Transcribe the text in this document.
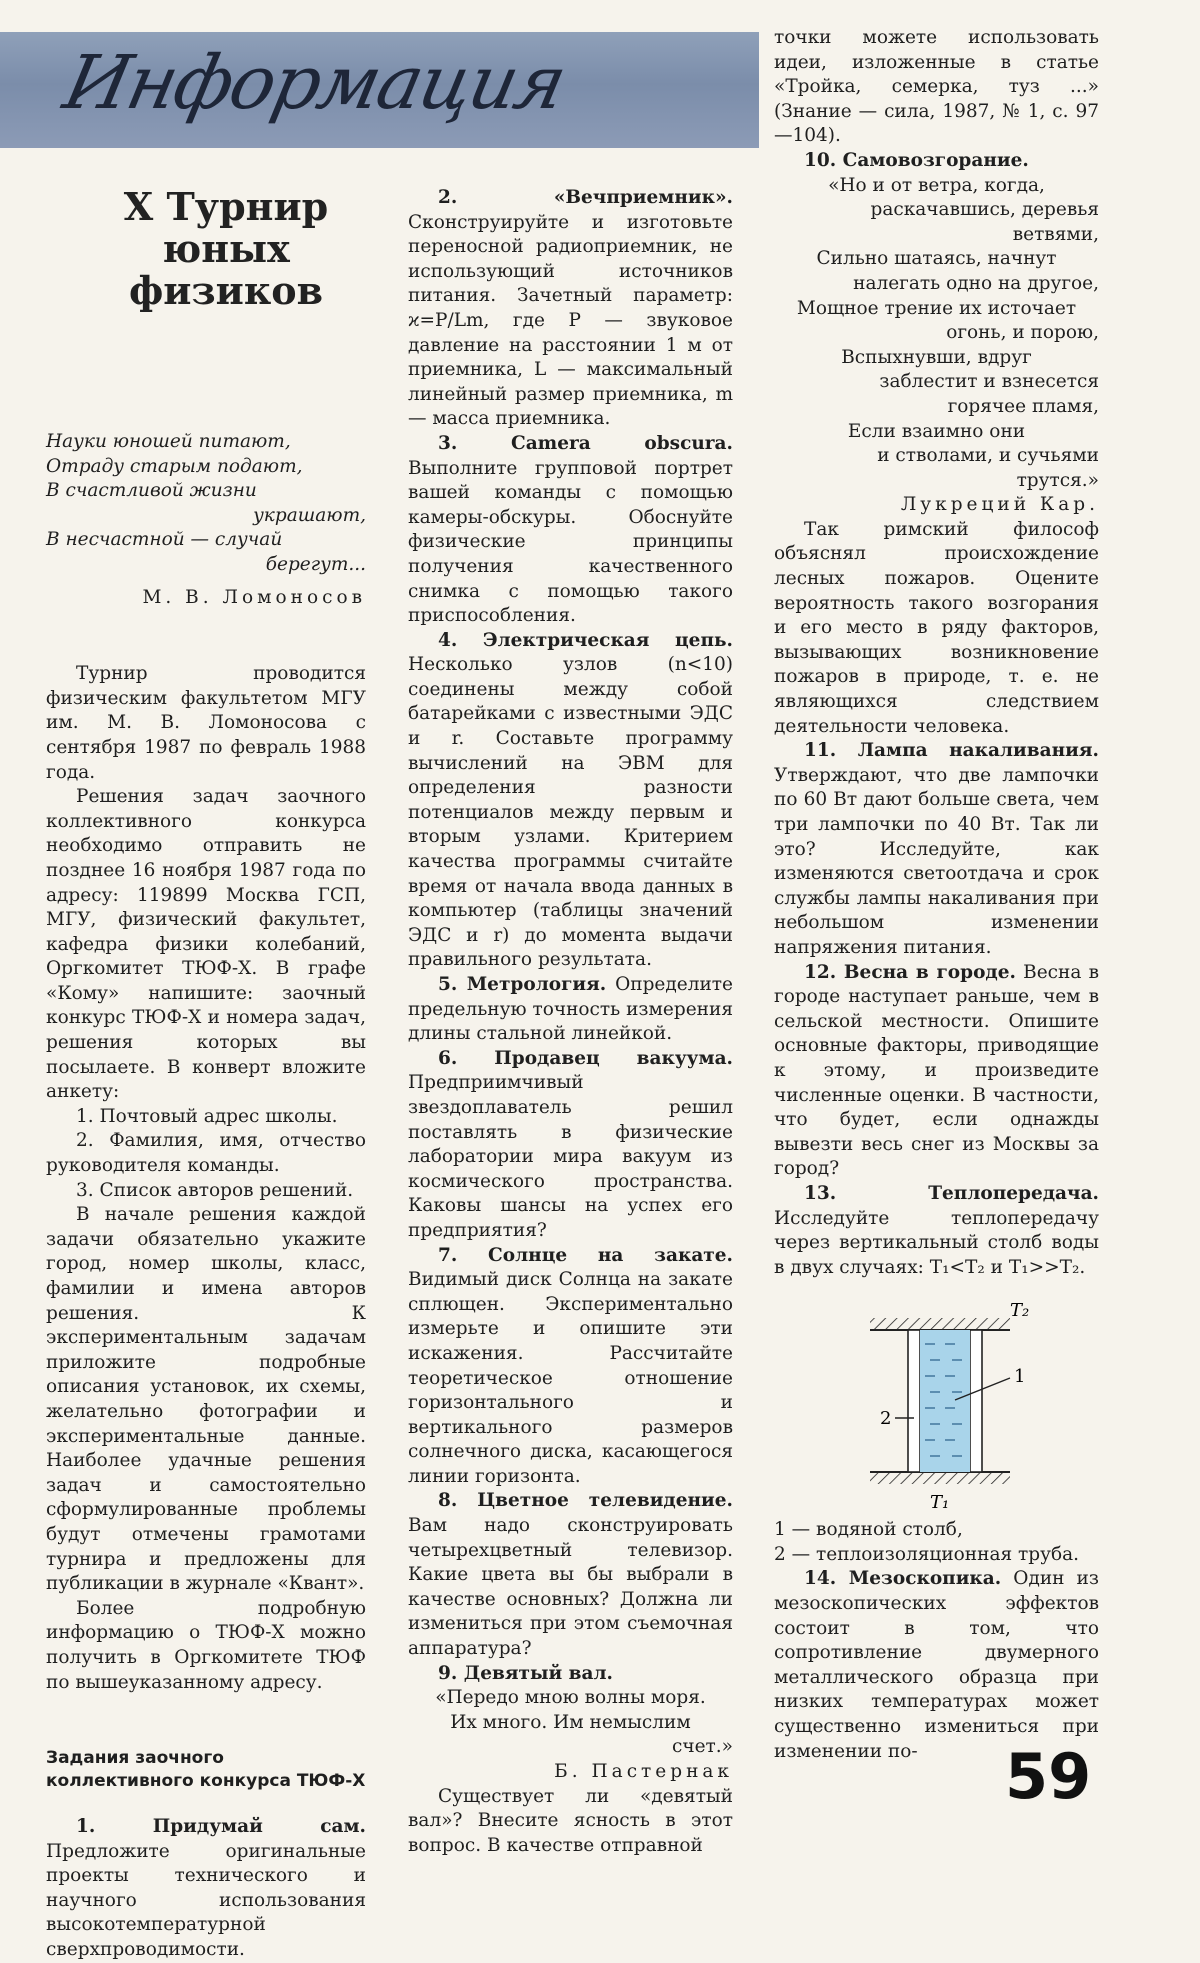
Информация
X Турнир юных физиков
Науки юношей питают,
Отраду старым подают,
В счастливой жизни
украшают,
В несчастной — случай
берегут...
М. В. Ломоносов

Турнир проводится физическим факультетом МГУ им. М. В. Ломоносова с сентября 1987 по февраль 1988 года.

Решения задач заочного коллективного конкурса необходимо отправить не позднее 16 ноября 1987 года по адресу: 119899 Москва ГСП, МГУ, физический факультет, кафедра физики колебаний, Оргкомитет ТЮФ-Х. В графе «Кому» напишите: заочный конкурс ТЮФ-Х и номера задач, решения которых вы посылаете. В конверт вложите анкету:

1. Почтовый адрес школы.

2. Фамилия, имя, отчество руководителя команды.

3. Список авторов решений.

В начале решения каждой задачи обязательно укажите город, номер школы, класс, фамилии и имена авторов решения. К экспериментальным задачам приложите подробные описания установок, их схемы, желательно фотографии и экспериментальные данные. Наиболее удачные решения задач и самостоятельно сформулированные проблемы будут отмечены грамотами турнира и предложены для публикации в журнале «Квант».

Более подробную информацию о ТЮФ-Х можно получить в Оргкомитете ТЮФ по вышеуказанному адресу.

Задания заочного коллективного конкурса ТЮФ-Х

1. Придумай сам. Предложите оригинальные проекты технического и научного использования высокотемпературной сверхпроводимости.

2. «Вечприемник». Сконструируйте и изготовьте переносной радиоприемник, не использующий источников питания. Зачетный параметр: ϰ=P/Lm, где P — звуковое давление на расстоянии 1 м от приемника, L — максимальный линейный размер приемника, m — масса приемника.

3. Camera obscura. Выполните групповой портрет вашей команды с помощью камеры-обскуры. Обоснуйте физические принципы получения качественного снимка с помощью такого приспособления.

4. Электрическая цепь. Несколько узлов (n<10) соединены между собой батарейками с известными ЭДС и r. Составьте программу вычислений на ЭВМ для определения разности потенциалов между первым и вторым узлами. Критерием качества программы считайте время от начала ввода данных в компьютер (таблицы значений ЭДС и r) до момента выдачи правильного результата.

5. Метрология. Определите предельную точность измерения длины стальной линейкой.

6. Продавец вакуума. Предприимчивый звездоплаватель решил поставлять в физические лаборатории мира вакуум из космического пространства. Каковы шансы на успех его предприятия?

7. Солнце на закате. Видимый диск Солнца на закате сплющен. Экспериментально измерьте и опишите эти искажения. Рассчитайте теоретическое отношение горизонтального и вертикального размеров солнечного диска, касающегося линии горизонта.

8. Цветное телевидение. Вам надо сконструировать четырехцветный телевизор. Какие цвета вы бы выбрали в качестве основных? Должна ли измениться при этом съемочная аппаратура?

9. Девятый вал.

«Передо мною волны моря.
Их много. Им немыслим
счет.»
Б. Пастернак

Существует ли «девятый вал»? Внесите ясность в этот вопрос. В качестве отправной

точки можете использовать идеи, изложенные в статье «Тройка, семерка, туз ...» (Знание — сила, 1987, № 1, с. 97—104).

10. Самовозгорание.

«Но и от ветра, когда,
раскачавшись, деревья
ветвями,
Сильно шатаясь, начнут
налегать одно на другое,
Мощное трение их источает
огонь, и порою,
Вспыхнувши, вдруг
заблестит и взнесется
горячее пламя,
Если взаимно они
и стволами, и сучьями
трутся.»
Лукреций Кар.

Так римский философ объяснял происхождение лесных пожаров. Оцените вероятность такого возгорания и его место в ряду факторов, вызывающих возникновение пожаров в природе, т. е. не являющихся следствием деятельности человека.

11. Лампа накаливания. Утверждают, что две лампочки по 60 Вт дают больше света, чем три лампочки по 40 Вт. Так ли это? Исследуйте, как изменяются светоотдача и срок службы лампы накаливания при небольшом изменении напряжения питания.

12. Весна в городе. Весна в городе наступает раньше, чем в сельской местности. Опишите основные факторы, приводящие к этому, и произведите численные оценки. В частности, что будет, если однажды вывезти весь снег из Москвы за город?

13. Теплопередача. Исследуйте теплопередачу через вертикальный столб воды в двух случаях: T₁<T₂ и T₁>>T₂.

1 — водяной столб,

2 — теплоизоляционная труба.

14. Мезоскопика. Один из мезоскопических эффектов состоит в том, что сопротивление двумерного металлического образца при низких температурах может существенно измениться при изменении по-

T₂
T₁
1
2
59
